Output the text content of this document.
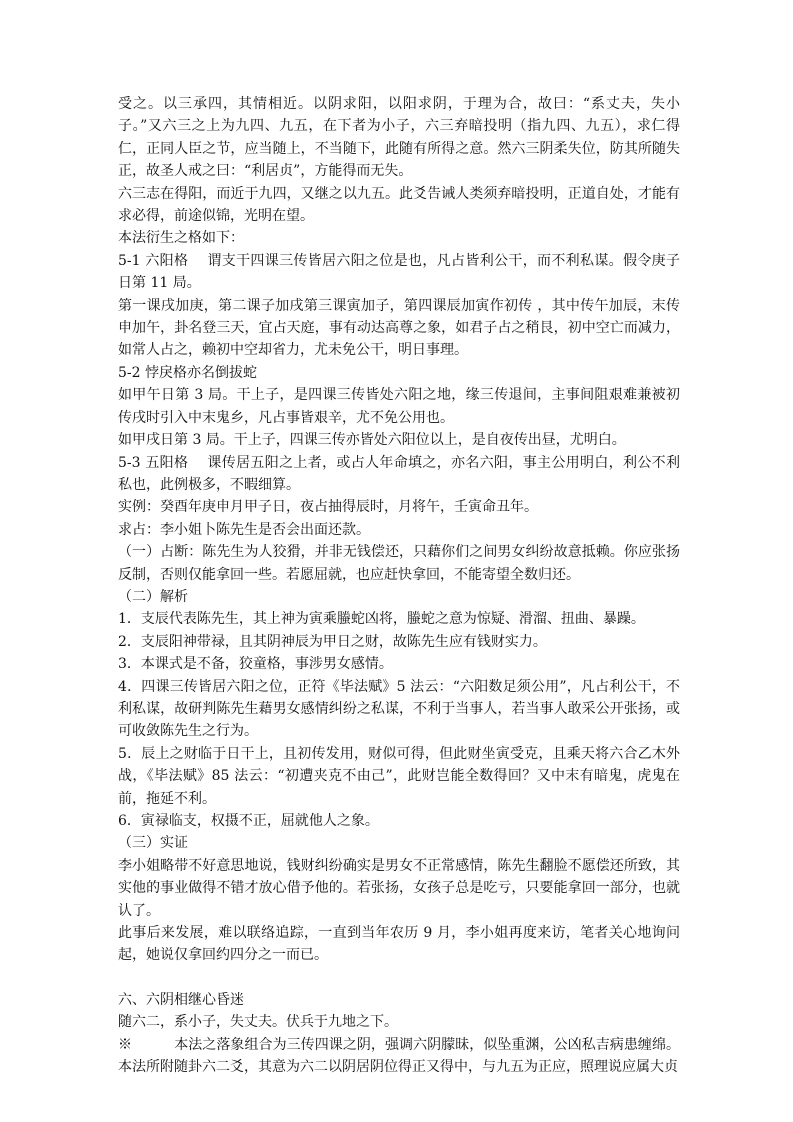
受之。以三承四，其情相近。以阴求阳，以阳求阴，于理为合，故曰：“系丈夫，失小子。”又六三之上为九四、九五，在下者为小子，六三弃暗投明（指九四、九五），求仁得仁，正同人臣之节，应当随上，不当随下，此随有所得之意。然六三阴柔失位，防其所随失正，故圣人戒之曰：“利居贞”，方能得而无失。

六三志在得阳，而近于九四，又继之以九五。此爻告诫人类须弃暗投明，正道自处，才能有求必得，前途似锦，光明在望。

本法衍生之格如下：

5-1 六阳格　 谓支干四课三传皆居六阳之位是也，凡占皆利公干，而不利私谋。假令庚子日第 11 局。

第一课戌加庚，第二课子加戌第三课寅加子，第四课辰加寅作初传 ，其中传午加辰，末传申加午，卦名登三天，宜占天庭，事有动达高尊之象，如君子占之稍艮，初中空亡而减力，如常人占之，赖初中空却省力，尤未免公干，明日事理。

5-2 悖戾格亦名倒拔蛇

如甲午日第 3 局。干上子，是四课三传皆处六阳之地，缘三传退间，主事间阻艰难兼被初传戌时引入中末鬼乡，凡占事皆艰辛，尤不免公用也。

如甲戌日第 3 局。干上子，四课三传亦皆处六阳位以上，是自夜传出昼，尤明白。

5-3 五阳格　 课传居五阳之上者，或占人年命填之，亦名六阳，事主公用明白，利公不利私也，此例极多，不暇细算。

实例：癸酉年庚申月甲子日，夜占抽得辰时，月将午，壬寅命丑年。

求占：李小姐卜陈先生是否会出面还款。

（一）占断：陈先生为人狡猾，并非无钱偿还，只藉你们之间男女纠纷故意抵赖。你应张扬反制，否则仅能拿回一些。若愿屈就，也应赶快拿回，不能寄望全数归还。

（二）解析

1．支辰代表陈先生，其上神为寅乘螣蛇凶将，螣蛇之意为惊疑、滑溜、扭曲、暴躁。

2．支辰阳神带禄，且其阴神辰为甲日之财，故陈先生应有钱财实力。

3．本课式是不备，狡童格，事涉男女感情。

4．四课三传皆居六阳之位，正符《毕法赋》5 法云：“六阳数足须公用”，凡占利公干，不利私谋，故研判陈先生藉男女感情纠纷之私谋，不利于当事人，若当事人敢采公开张扬，或可收敛陈先生之行为。

5．辰上之财临于日干上，且初传发用，财似可得，但此财坐寅受克，且乘天将六合乙木外战，《毕法赋》85 法云：“初遭夹克不由己”，此财岂能全数得回？又中末有暗鬼，虎鬼在前，拖延不利。

6．寅禄临支，权摄不正，屈就他人之象。

（三）实证

李小姐略带不好意思地说，钱财纠纷确实是男女不正常感情，陈先生翻脸不愿偿还所致，其实他的事业做得不错才放心借予他的。若张扬，女孩子总是吃亏，只要能拿回一部分，也就认了。

此事后来发展，难以联络追踪，一直到当年农历 9 月，李小姐再度来访，笔者关心地询问起，她说仅拿回约四分之一而已。

六、六阴相继心昏迷

随六二，系小子，失丈夫。伏兵于九地之下。

※　　　本法之落象组合为三传四课之阴，强调六阴朦昧，似坠重渊，公凶私吉病患缠绵。本法所附随卦六二爻，其意为六二以阴居阴位得正又得中，与九五为正应，照理说应属大贞
